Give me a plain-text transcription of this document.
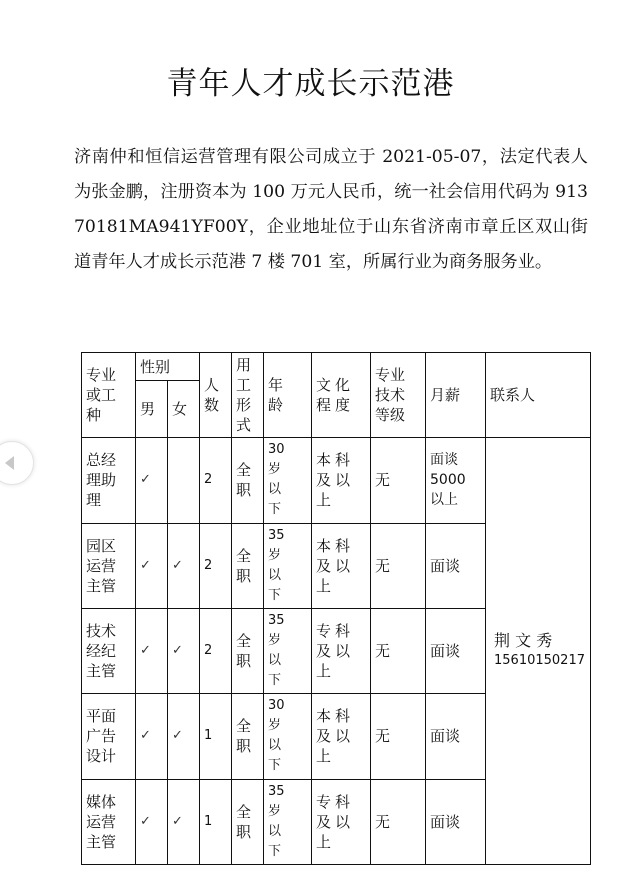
青年人才成长示范港
济南仲和恒信运营管理有限公司成立于 2021-05-07，法定代表人为张金鹏，注册资本为 100 万元人民币，统一社会信用代码为 91370181MA941YF00Y，企业地址位于山东省济南市章丘区双山街道青年人才成长示范港 7 楼 701 室，所属行业为商务服务业。
专业或工种	性别		人数	用工形式	年龄	文化程度	专业技术等级	月薪	联系人
	男	女							

总经理助理	✓		2	全职	30岁以下	本科及以上	无	面谈5000以上	荆 文 秀
15610150217

园区运营主管	✓	✓	2	全职	35岁以下	本科及以上	无	面谈	

技术经纪主管	✓	✓	2	全职	35岁以下	专科及以上	无	面谈	

平面广告设计	✓	✓	1	全职	30岁以下	本科及以上	无	面谈	

媒体运营主管	✓	✓	1	全职	35岁以下	专科及以上	无	面谈	
